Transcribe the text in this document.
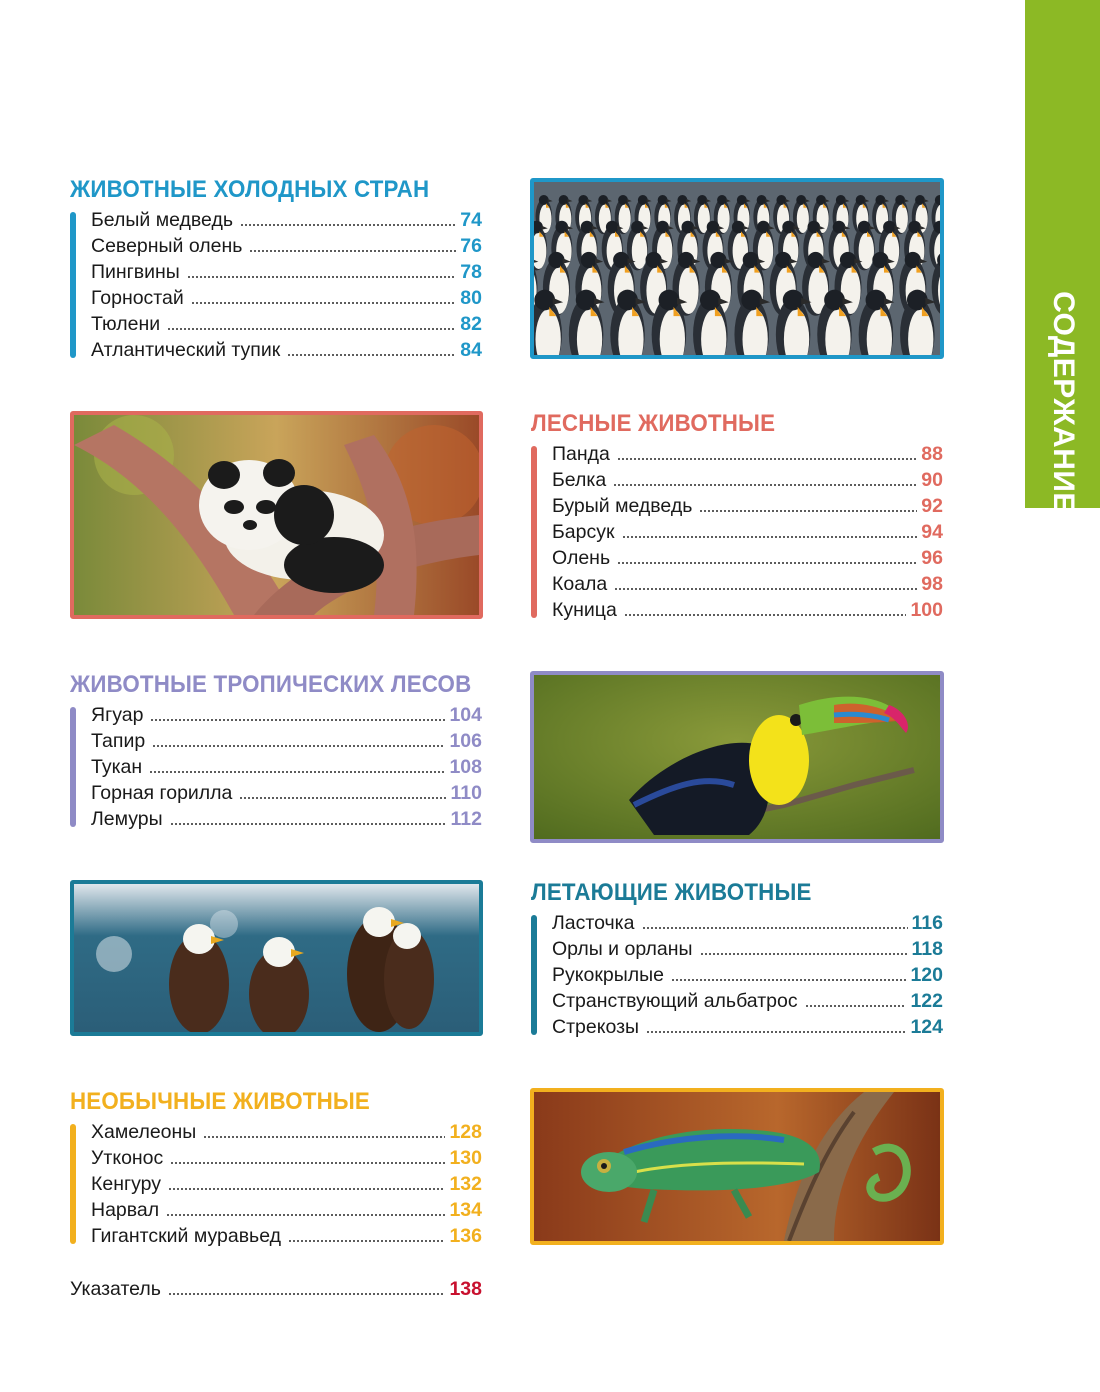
СОДЕРЖАНИЕ
ЖИВОТНЫЕ ХОЛОДНЫХ СТРАН
Белый медведь	74
Северный олень	76
Пингвины	78
Горностай	80
Тюлени	82
Атлантический тупик	84
ЛЕСНЫЕ ЖИВОТНЫЕ
Панда	88
Белка	90
Бурый медведь	92
Барсук	94
Олень	96
Коала	98
Куница	100
ЖИВОТНЫЕ ТРОПИЧЕСКИХ ЛЕСОВ
Ягуар	104
Тапир	106
Тукан	108
Горная горилла	110
Лемуры	112
ЛЕТАЮЩИЕ ЖИВОТНЫЕ
Ласточка	116
Орлы и орланы	118
Рукокрылые	120
Странствующий альбатрос	122
Стрекозы	124
НЕОБЫЧНЫЕ ЖИВОТНЫЕ
Хамелеоны	128
Утконос	130
Кенгуру	132
Нарвал	134
Гигантский муравьед	136
Указатель	138
